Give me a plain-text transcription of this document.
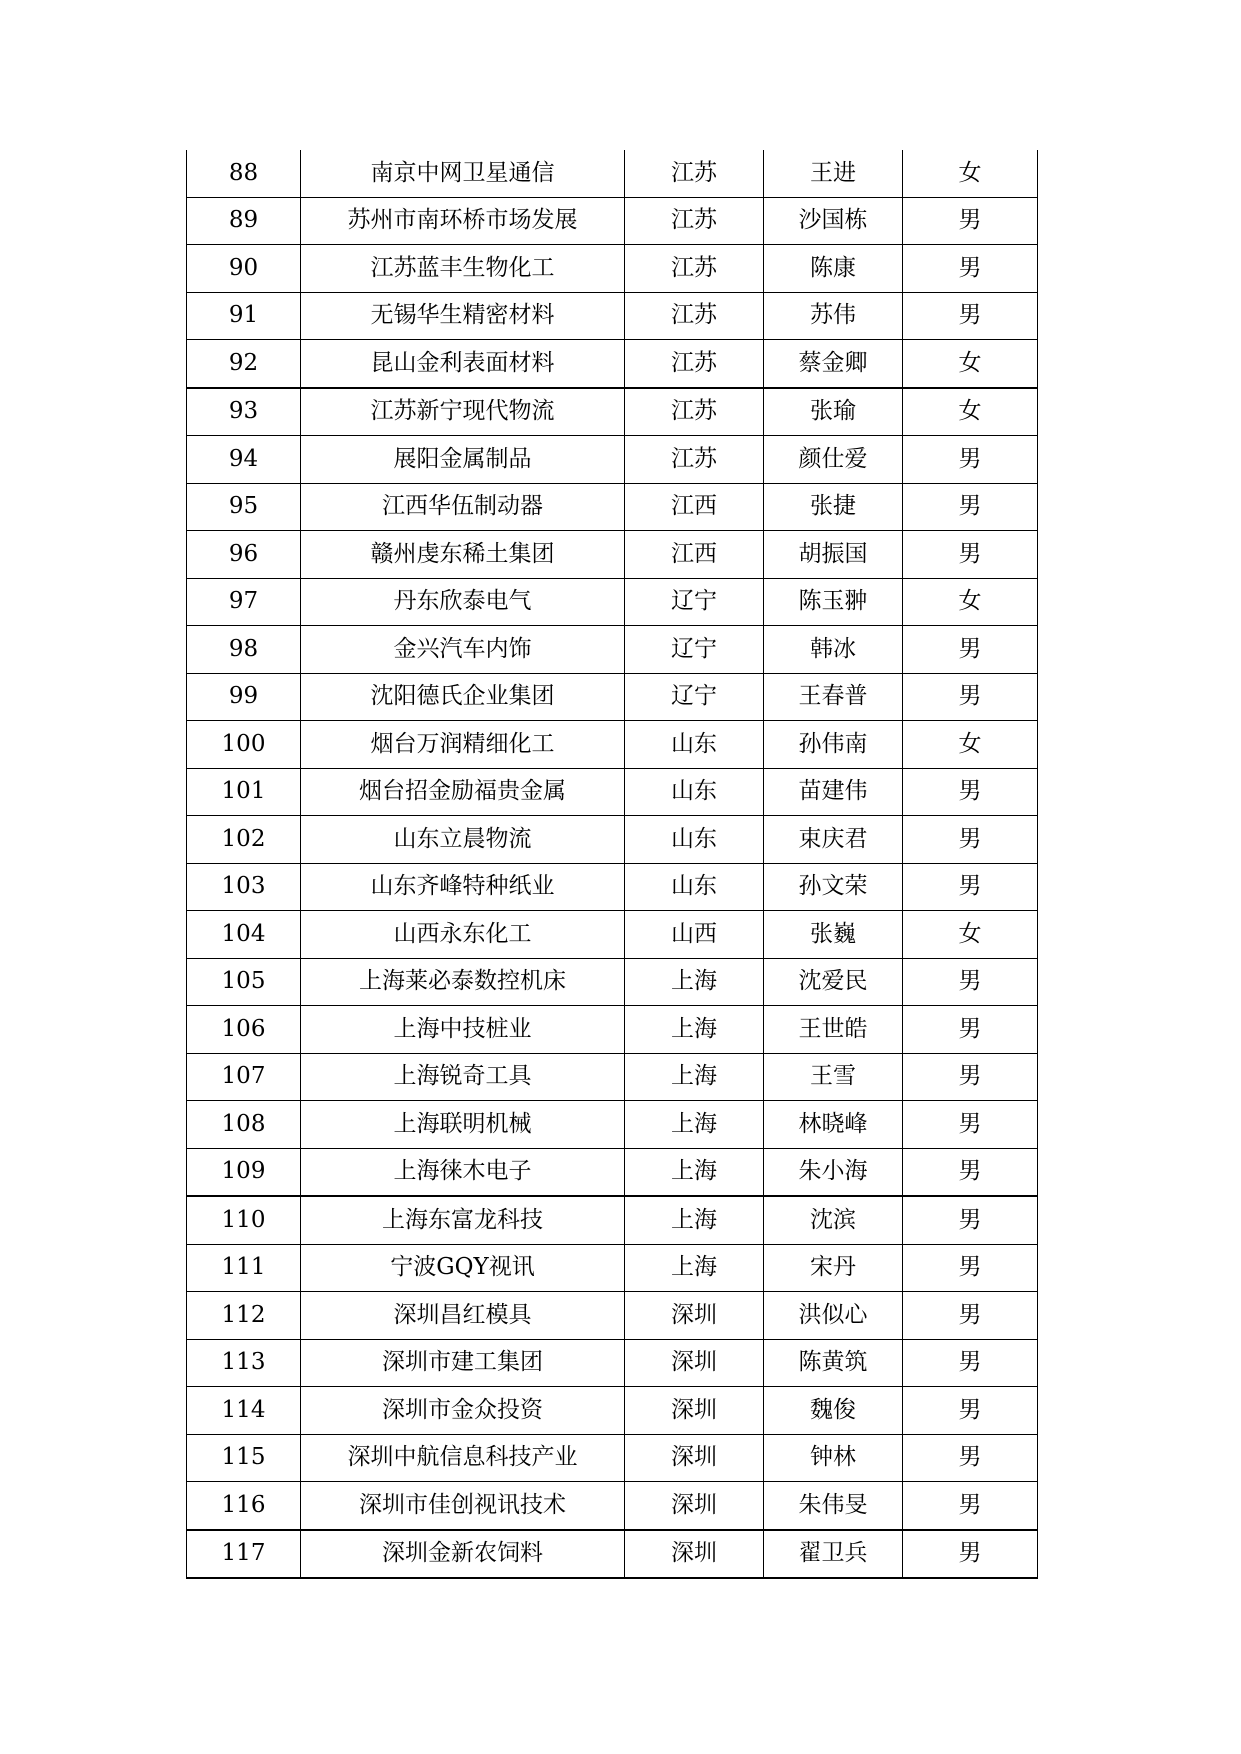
88	南京中网卫星通信	江苏	王进	女
89	苏州市南环桥市场发展	江苏	沙国栋	男
90	江苏蓝丰生物化工	江苏	陈康	男
91	无锡华生精密材料	江苏	苏伟	男
92	昆山金利表面材料	江苏	蔡金卿	女
93	江苏新宁现代物流	江苏	张瑜	女
94	展阳金属制品	江苏	颜仕爱	男
95	江西华伍制动器	江西	张捷	男
96	赣州虔东稀土集团	江西	胡振国	男
97	丹东欣泰电气	辽宁	陈玉翀	女
98	金兴汽车内饰	辽宁	韩冰	男
99	沈阳德氏企业集团	辽宁	王春普	男
100	烟台万润精细化工	山东	孙伟南	女
101	烟台招金励福贵金属	山东	苗建伟	男
102	山东立晨物流	山东	束庆君	男
103	山东齐峰特种纸业	山东	孙文荣	男
104	山西永东化工	山西	张巍	女
105	上海莱必泰数控机床	上海	沈爱民	男
106	上海中技桩业	上海	王世皓	男
107	上海锐奇工具	上海	王雪	男
108	上海联明机械	上海	林晓峰	男
109	上海徕木电子	上海	朱小海	男
110	上海东富龙科技	上海	沈滨	男
111	宁波GQY视讯	上海	宋丹	男
112	深圳昌红模具	深圳	洪似心	男
113	深圳市建工集团	深圳	陈黄筑	男
114	深圳市金众投资	深圳	魏俊	男
115	深圳中航信息科技产业	深圳	钟林	男
116	深圳市佳创视讯技术	深圳	朱伟旻	男
117	深圳金新农饲料	深圳	翟卫兵	男
